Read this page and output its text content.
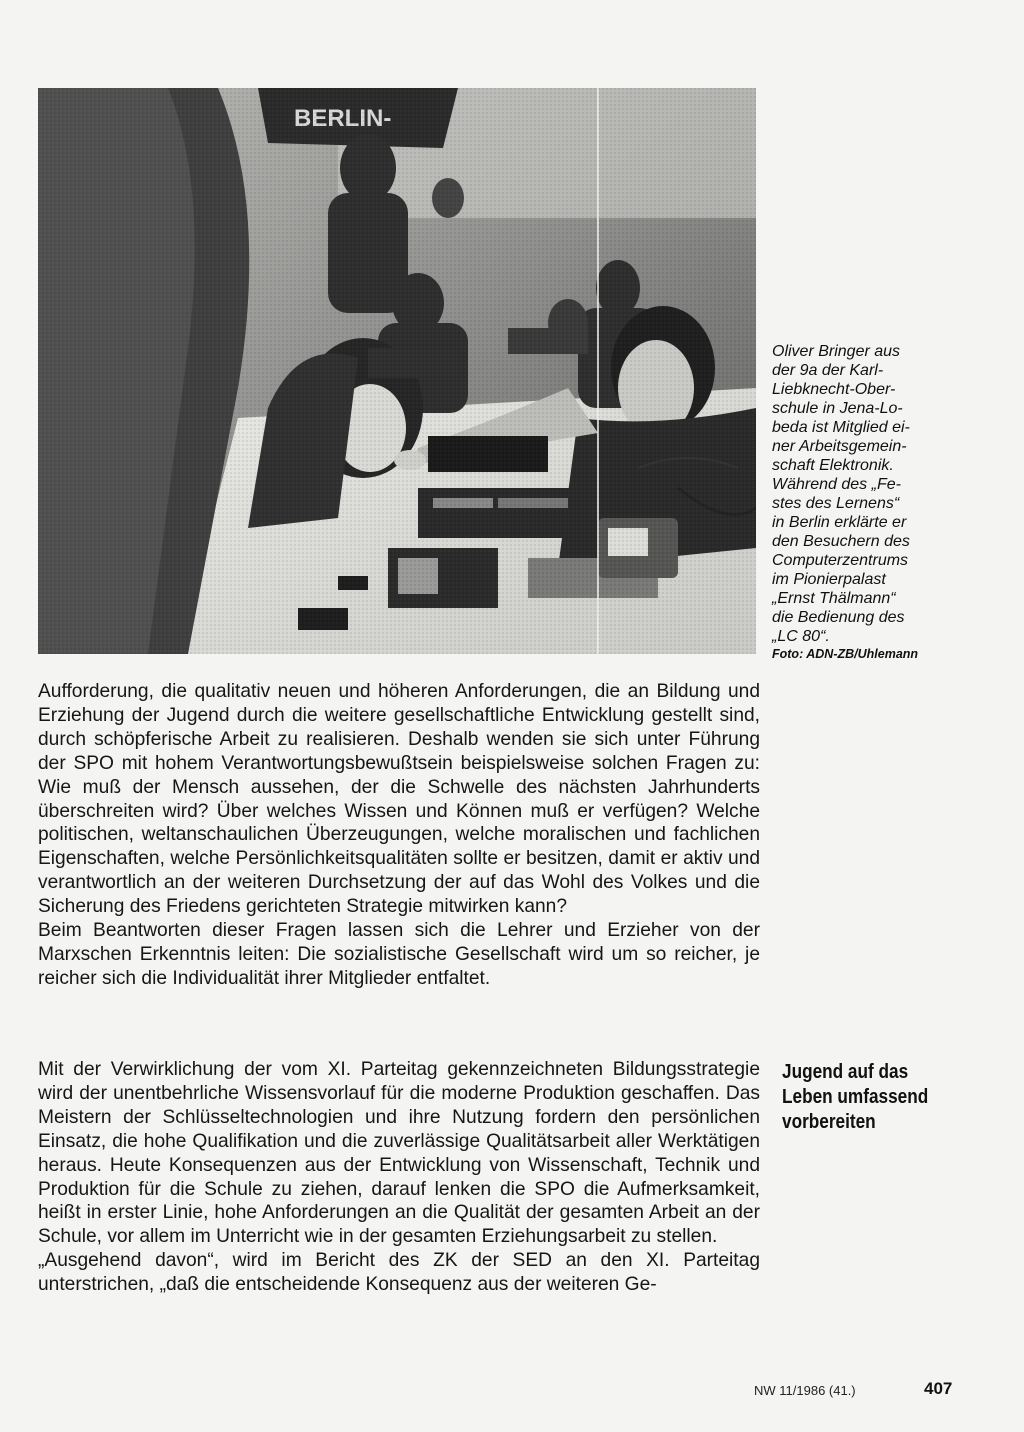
Oliver Bringer aus
der 9a der Karl-
Liebknecht-Ober-
schule in Jena-Lo-
beda ist Mitglied ei-
ner Arbeitsgemein-
schaft Elektronik.
Während des „Fe-
stes des Lernens“
in Berlin erklärte er
den Besuchern des
Computerzentrums
im Pionierpalast
„Ernst Thälmann“
die Bedienung des
„LC 80“.

Foto: ADN-ZB/Uhlemann

Aufforderung, die qualitativ neuen und höheren Anforderungen, die an Bildung und Erziehung der Jugend durch die weitere gesellschaftliche Entwicklung gestellt sind, durch schöpferische Arbeit zu realisieren. Deshalb wenden sie sich unter Führung der SPO mit hohem Verantwortungsbewußtsein beispielsweise solchen Fragen zu: Wie muß der Mensch aussehen, der die Schwelle des nächsten Jahrhunderts überschreiten wird? Über welches Wissen und Können muß er verfügen? Welche politischen, weltanschaulichen Überzeugungen, welche moralischen und fachlichen Eigenschaften, welche Persönlichkeitsqualitäten sollte er besitzen, damit er aktiv und verantwortlich an der weiteren Durchsetzung der auf das Wohl des Volkes und die Sicherung des Friedens gerichteten Strategie mitwirken kann?

Beim Beantworten dieser Fragen lassen sich die Lehrer und Erzieher von der Marxschen Erkenntnis leiten: Die sozialistische Gesellschaft wird um so reicher, je reicher sich die Individualität ihrer Mitglieder entfaltet.

Mit der Verwirklichung der vom XI. Parteitag gekennzeichneten Bildungsstrategie wird der unentbehrliche Wissensvorlauf für die moderne Produktion geschaffen. Das Meistern der Schlüsseltechnologien und ihre Nutzung fordern den persönlichen Einsatz, die hohe Qualifikation und die zuverlässige Qualitätsarbeit aller Werktätigen heraus. Heute Konsequenzen aus der Entwicklung von Wissenschaft, Technik und Produktion für die Schule zu ziehen, darauf lenken die SPO die Aufmerksamkeit, heißt in erster Linie, hohe Anforderungen an die Qualität der gesamten Arbeit an der Schule, vor allem im Unterricht wie in der gesamten Erziehungsarbeit zu stellen.

„Ausgehend davon“, wird im Bericht des ZK der SED an den XI. Parteitag unterstrichen, „daß die entscheidende Konsequenz aus der weiteren Ge-

Jugend auf das
Leben umfassend
vorbereiten
NW 11/1986 (41.)	407
